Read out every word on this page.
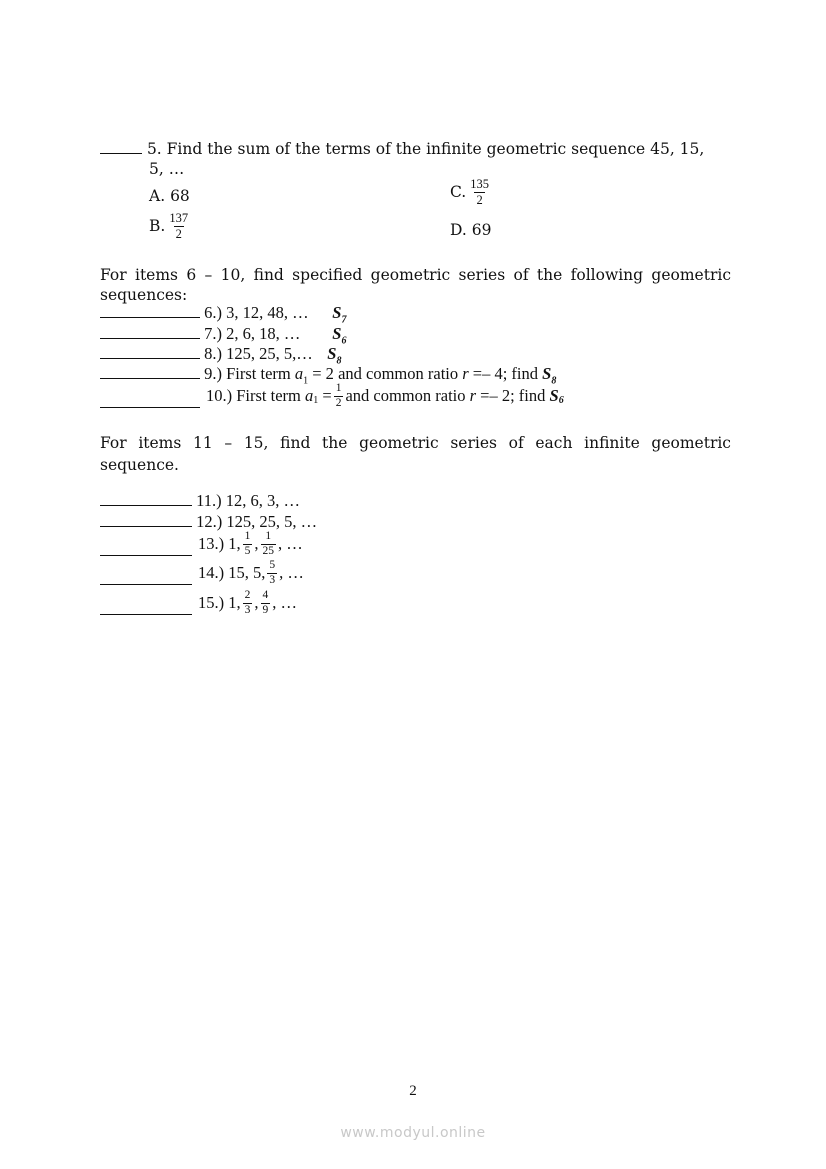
5. Find the sum of the terms of the infinite geometric sequence 45, 15,
5, …
A. 68	C. $\frac{135}{2}$
B. $\frac{137}{2}$	D. 69
For items 6 – 10, find specified geometric series of the following geometric
sequences:
6.) 3, 12, 48, … $S_7$
7.) 2, 6, 18, … $S_6$
8.) 125, 25, 5,… $S_8$
9.) First term $a_1 = 2$ and common ratio r =– 4; find $S_8$
10.)
First term
$a_1$
= $\frac{1}{2}$ and common ratio
r
=– 2; find
$S_6$
For items 11 – 15, find the geometric series of each infinite geometric
sequence.
11.) 12, 6, 3, …
12.) 125, 25, 5, …
13.)
1, $\frac{1}{5}$ , $\frac{1}{25}$ , …
14.)
15, 5, $\frac{5}{3}$ , …
15.)
1, $\frac{2}{3}$ , $\frac{4}{9}$ , …
2
www.modyul.online
